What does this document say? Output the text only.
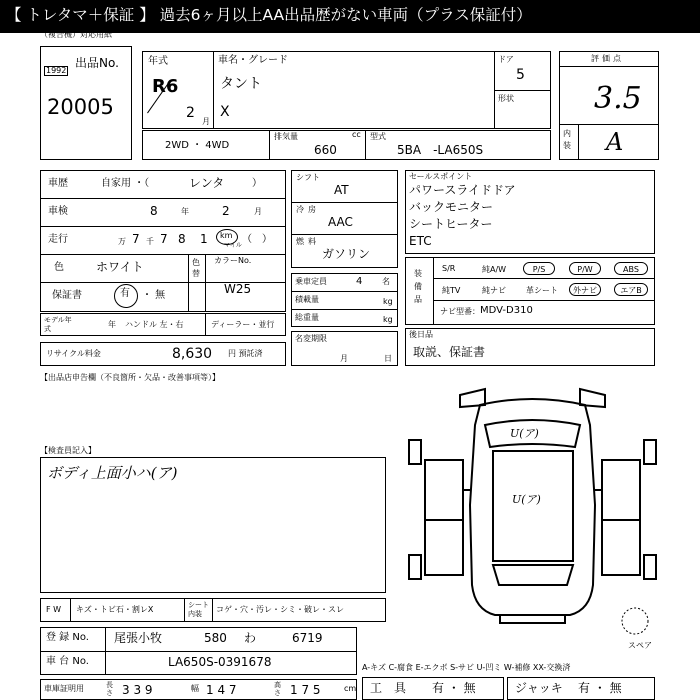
【 トレタマ＋保証 】 過去6ヶ月以上AA出品歴がない車両（プラス保証付）
（複合機）対応用紙
出品No.
1992
20005
年式
R6
2
月
車名・グレード
タント
X
ドア
5
形状
2WD ・ 4WD
排気量	cc
660
型式
5BA　-LA650S
評価点
3.5
内装 A
車歴	自家用 ・（	レンタ	）
車検	8	年	2	月
走行	万 7 千 7 8 1 km
マイル
（　）
色	ホワイト	色替
カラーNo.
W25
保証書	有 ・ 無
モデル年式	年 ハンドル 左・右	ディーラー・並行
リサイクル料金	8,630 円 預託済
シフト
AT
冷房
AAC
燃料
ガソリン
乗車定員	4 名
積載量	kg
総重量	kg
名変期限
月	日
セールスポイント
パワースライドドア
バックモニター
シートヒーター
ETC
装備品
S/R	純A/W	P/S	P/W	ABS
純TV	純ナビ	革シート	外ナビ	エアB
ナビ型番： MDV-D310
後日品
取説、保証書
【出品店申告欄（不良箇所・欠品・改善事項等）】
【検査員記入】
ボディ上面小ハ(ア)
U(ア)
U(ア)
スペア
F W キズ・トビ石・割レX	シート内装	コゲ・穴・汚レ・シミ・破レ・スレ
登 録 No. 尾張小牧	580 わ	6719
車 台 No.	LA650S-0391678
車庫証明用	長さ 3 3 9	幅 1 4 7	高さ 1 7 5	cm
A-キズ C-腐食 E-エクボ S-サビ U-凹ミ W-補修 XX-交換済
工　具 有 ・ 無	ジャッキ 有 ・ 無
